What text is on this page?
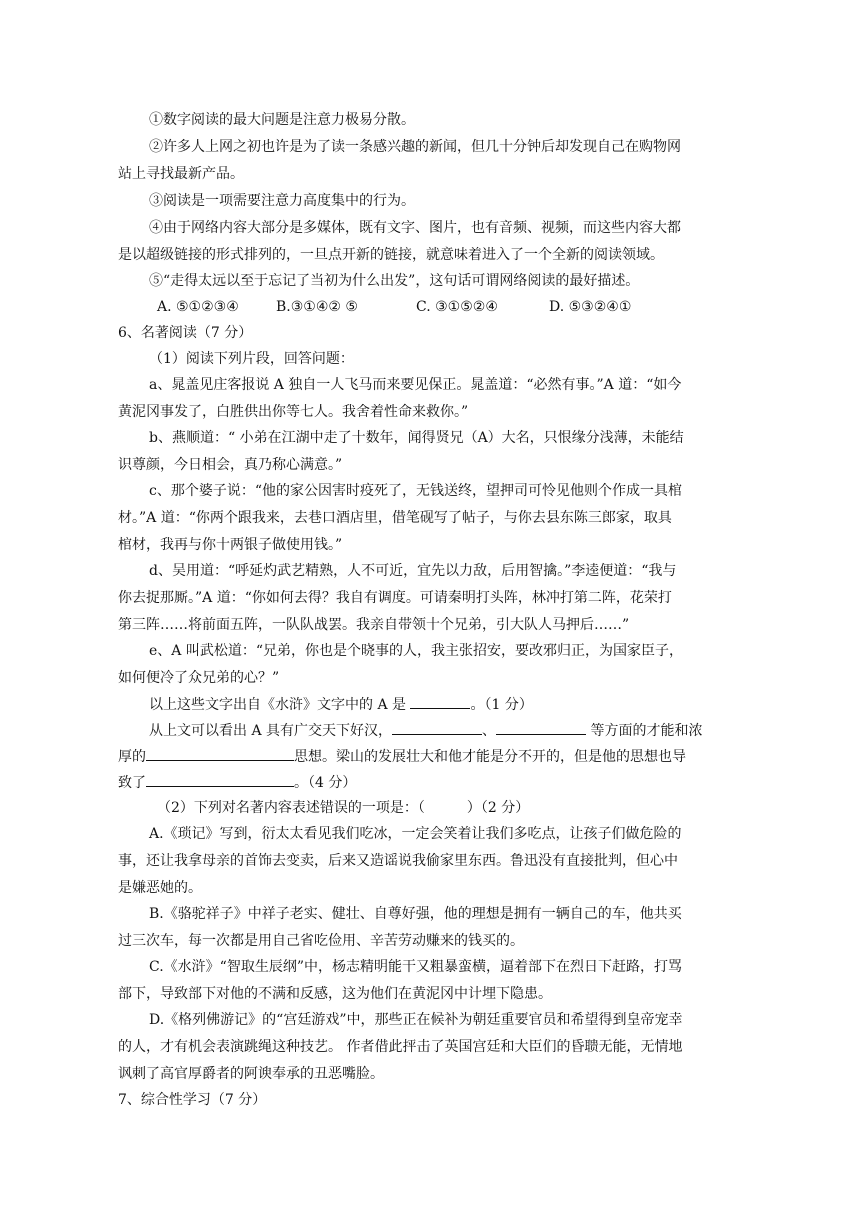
①数字阅读的最大问题是注意力极易分散。
②许多人上网之初也许是为了读一条感兴趣的新闻，但几十分钟后却发现自己在购物网
站上寻找最新产品。
③阅读是一项需要注意力高度集中的行为。
④由于网络内容大部分是多媒体，既有文字、图片，也有音频、视频，而这些内容大都
是以超级链接的形式排列的，一旦点开新的链接，就意味着进入了一个全新的阅读领域。
⑤“走得太远以至于忘记了当初为什么出发”，这句话可谓网络阅读的最好描述。
A. ⑤①②③④	B.③①④② ⑤	C. ③①⑤②④	D. ⑤③②④①
6、名著阅读（7 分）
（1）阅读下列片段，回答问题：
a、晁盖见庄客报说 A 独自一人飞马而来要见保正。晁盖道：“必然有事。”A 道：“如今
黄泥冈事发了，白胜供出你等七人。我舍着性命来救你。”
b、燕顺道：“ 小弟在江湖中走了十数年，闻得贤兄（A）大名，只恨缘分浅薄，未能结
识尊颜，今日相会，真乃称心满意。”
c、那个婆子说：“他的家公因害时疫死了，无钱送终，望押司可怜见他则个作成一具棺
材。”A 道：“你两个跟我来，去巷口酒店里，借笔砚写了帖子，与你去县东陈三郎家，取具
棺材，我再与你十两银子做使用钱。”
d、吴用道：“呼延灼武艺精熟，人不可近，宜先以力敌，后用智擒。”李逵便道：“我与
你去捉那厮。”A 道：“你如何去得？我自有调度。可请秦明打头阵，林冲打第二阵，花荣打
第三阵……将前面五阵，一队队战罢。我亲自带领十个兄弟，引大队人马押后……”
e、A 叫武松道：“兄弟，你也是个晓事的人，我主张招安，要改邪归正，为国家臣子，
如何便冷了众兄弟的心？”
以上这些文字出自《水浒》文字中的 A 是	。（1 分）
从上文可以看出 A 具有广交天下好汉，	、	等方面的才能和浓
厚的	思想。梁山的发展壮大和他才能是分不开的，但是他的思想也导
致了	。（4 分）
（2）下列对名著内容表述错误的一项是：（　　　）（2 分）
A.《琐记》写到，衍太太看见我们吃冰，一定会笑着让我们多吃点，让孩子们做危险的
事，还让我拿母亲的首饰去变卖，后来又造谣说我偷家里东西。鲁迅没有直接批判，但心中
是嫌恶她的。
B.《骆驼祥子》中祥子老实、健壮、自尊好强，他的理想是拥有一辆自己的车，他共买
过三次车，每一次都是用自己省吃俭用、辛苦劳动赚来的钱买的。
C.《水浒》“智取生辰纲”中，杨志精明能干又粗暴蛮横，逼着部下在烈日下赶路，打骂
部下，导致部下对他的不满和反感，这为他们在黄泥冈中计埋下隐患。
D.《格列佛游记》的“宫廷游戏”中，那些正在候补为朝廷重要官员和希望得到皇帝宠幸
的人，才有机会表演跳绳这种技艺。 作者借此抨击了英国宫廷和大臣们的昏聩无能，无情地
讽刺了高官厚爵者的阿谀奉承的丑恶嘴脸。
7、综合性学习（7 分）
